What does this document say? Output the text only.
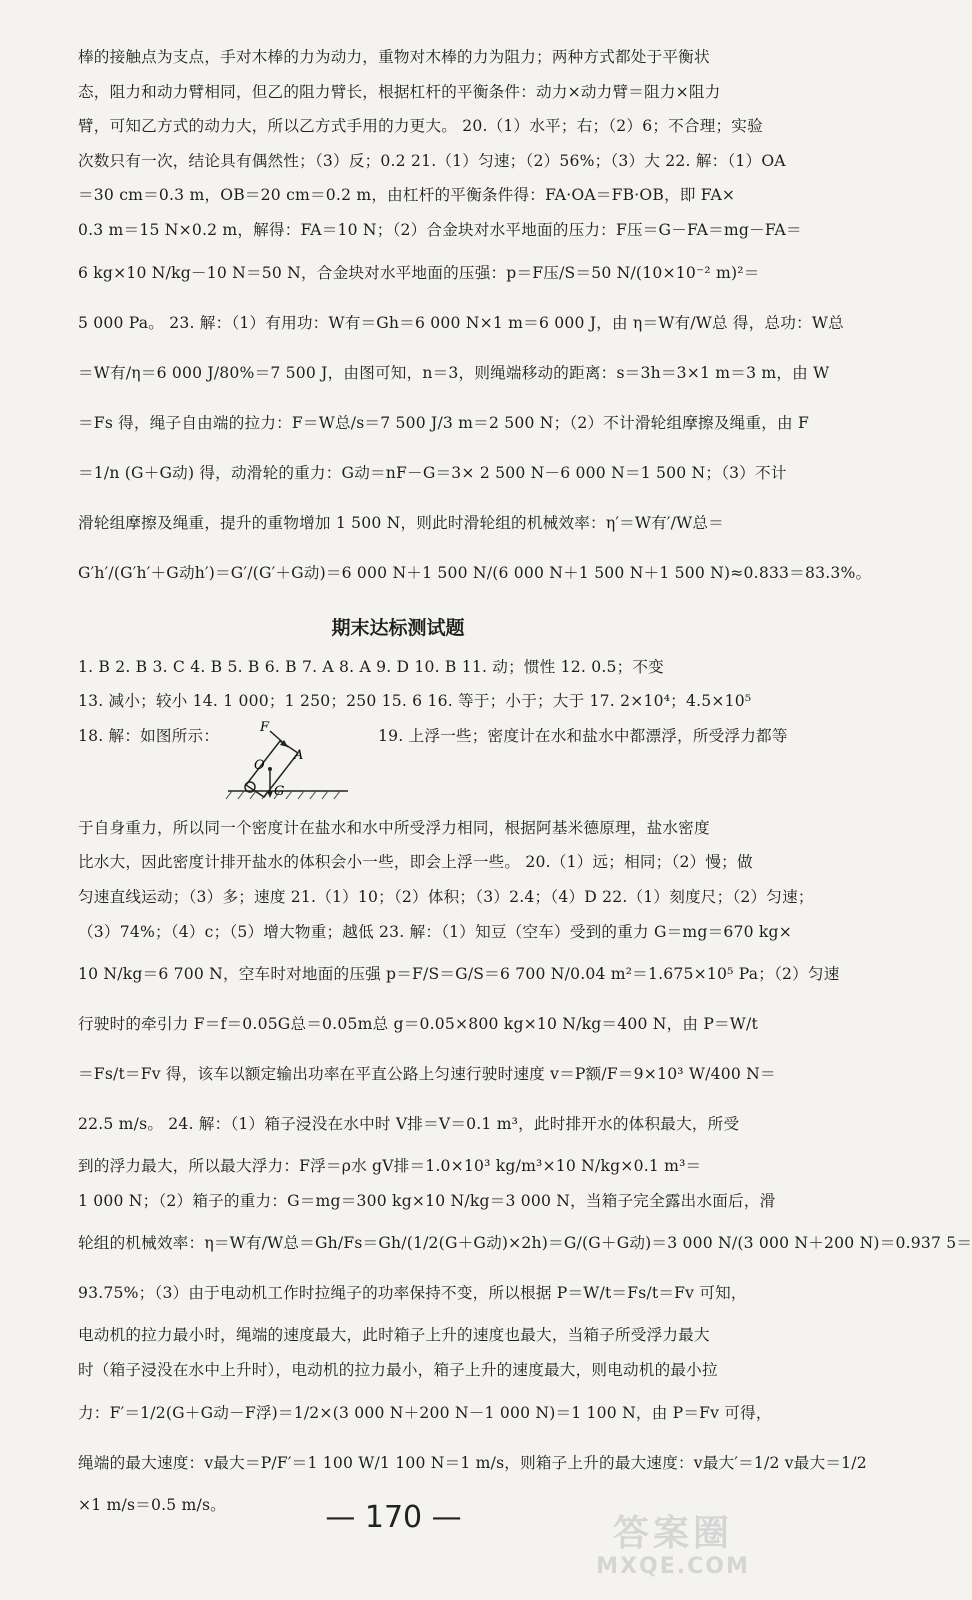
棒的接触点为支点，手对木棒的力为动力，重物对木棒的力为阻力；两种方式都处于平衡状
态，阻力和动力臂相同，但乙的阻力臂长，根据杠杆的平衡条件：动力×动力臂＝阻力×阻力
臂，可知乙方式的动力大，所以乙方式手用的力更大。 20.（1）水平；右；（2）6；不合理；实验
次数只有一次，结论具有偶然性；（3）反；0.2 21.（1）匀速；（2）56%；（3）大 22. 解：（1）OA
＝30 cm＝0.3 m，OB＝20 cm＝0.2 m，由杠杆的平衡条件得：FA·OA＝FB·OB，即 FA×
0.3 m＝15 N×0.2 m，解得：FA＝10 N；（2）合金块对水平地面的压力：F压＝G－FA＝mg－FA＝
6 kg×10 N/kg－10 N＝50 N，合金块对水平地面的压强：p＝F压/S＝50 N/(10×10⁻² m)²＝
5 000 Pa。 23. 解：（1）有用功：W有＝Gh＝6 000 N×1 m＝6 000 J，由 η＝W有/W总 得，总功：W总
＝W有/η＝6 000 J/80%＝7 500 J，由图可知，n＝3，则绳端移动的距离：s＝3h＝3×1 m＝3 m，由 W
＝Fs 得，绳子自由端的拉力：F＝W总/s＝7 500 J/3 m＝2 500 N；（2）不计滑轮组摩擦及绳重，由 F
＝1/n (G＋G动) 得，动滑轮的重力：G动＝nF－G＝3× 2 500 N－6 000 N＝1 500 N；（3）不计
滑轮组摩擦及绳重，提升的重物增加 1 500 N，则此时滑轮组的机械效率：η′＝W有′/W总＝
G′h′/(G′h′＋G动h′)＝G′/(G′＋G动)＝6 000 N＋1 500 N/(6 000 N＋1 500 N＋1 500 N)≈0.833＝83.3%。
期末达标测试题
1. B 2. B 3. C 4. B 5. B 6. B 7. A 8. A 9. D 10. B 11. 动；惯性 12. 0.5；不变
13. 减小；较小 14. 1 000；1 250；250 15. 6 16. 等于；小于；大于 17. 2×10⁴；4.5×10⁵
18. 解：如图所示：	F
A
O
G
19. 上浮一些；密度计在水和盐水中都漂浮，所受浮力都等
于自身重力，所以同一个密度计在盐水和水中所受浮力相同，根据阿基米德原理，盐水密度
比水大，因此密度计排开盐水的体积会小一些，即会上浮一些。 20.（1）远；相同；（2）慢；做
匀速直线运动；（3）多；速度 21.（1）10；（2）体积；（3）2.4；（4）D 22.（1）刻度尺；（2）匀速；
（3）74%；（4）c；（5）增大物重；越低 23. 解：（1）知豆（空车）受到的重力 G＝mg＝670 kg×
10 N/kg＝6 700 N，空车时对地面的压强 p＝F/S＝G/S＝6 700 N/0.04 m²＝1.675×10⁵ Pa；（2）匀速
行驶时的牵引力 F＝f＝0.05G总＝0.05m总 g＝0.05×800 kg×10 N/kg＝400 N，由 P＝W/t
＝Fs/t＝Fv 得，该车以额定输出功率在平直公路上匀速行驶时速度 v＝P额/F＝9×10³ W/400 N＝
22.5 m/s。 24. 解：（1）箱子浸没在水中时 V排＝V＝0.1 m³，此时排开水的体积最大，所受
到的浮力最大，所以最大浮力：F浮＝ρ水 gV排＝1.0×10³ kg/m³×10 N/kg×0.1 m³＝
1 000 N；（2）箱子的重力：G＝mg＝300 kg×10 N/kg＝3 000 N，当箱子完全露出水面后，滑
轮组的机械效率：η＝W有/W总＝Gh/Fs＝Gh/(1/2(G＋G动)×2h)＝G/(G＋G动)＝3 000 N/(3 000 N＋200 N)＝0.937 5＝
93.75%；（3）由于电动机工作时拉绳子的功率保持不变，所以根据 P＝W/t＝Fs/t＝Fv 可知，
电动机的拉力最小时，绳端的速度最大，此时箱子上升的速度也最大，当箱子所受浮力最大
时（箱子浸没在水中上升时），电动机的拉力最小，箱子上升的速度最大，则电动机的最小拉
力：F′＝1/2(G＋G动－F浮)＝1/2×(3 000 N＋200 N－1 000 N)＝1 100 N，由 P＝Fv 可得，
绳端的最大速度：v最大＝P/F′＝1 100 W/1 100 N＝1 m/s，则箱子上升的最大速度：v最大′＝1/2 v最大＝1/2
×1 m/s＝0.5 m/s。	— 170 —	答案圈
MXQE.COM
